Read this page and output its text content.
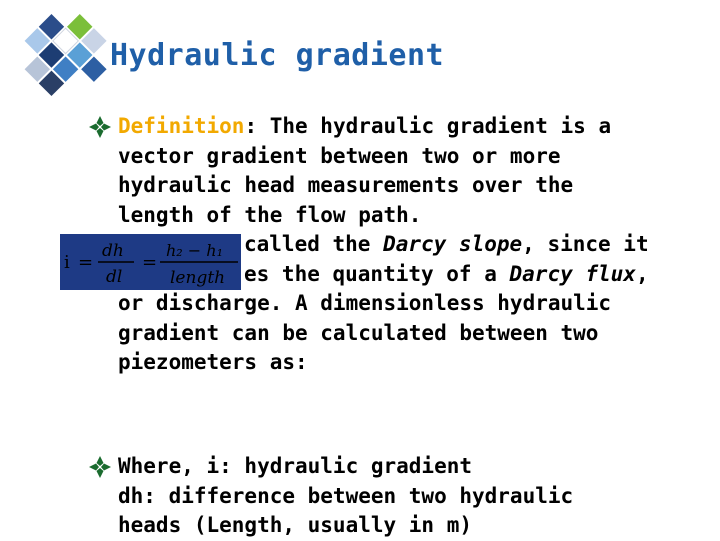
Hydraulic gradient
i =
dh
dl
=
h₂ − h₁
length

Definition: The hydraulic gradient is a
vector gradient between two or more
hydraulic head measurements over the
length of the flow path.
called the Darcy slope, since it
es the quantity of a Darcy flux,
or discharge. A dimensionless hydraulic
gradient can be calculated between two
piezometers as:

Where, i: hydraulic gradient
dh: difference between two hydraulic
heads (Length, usually in m)
